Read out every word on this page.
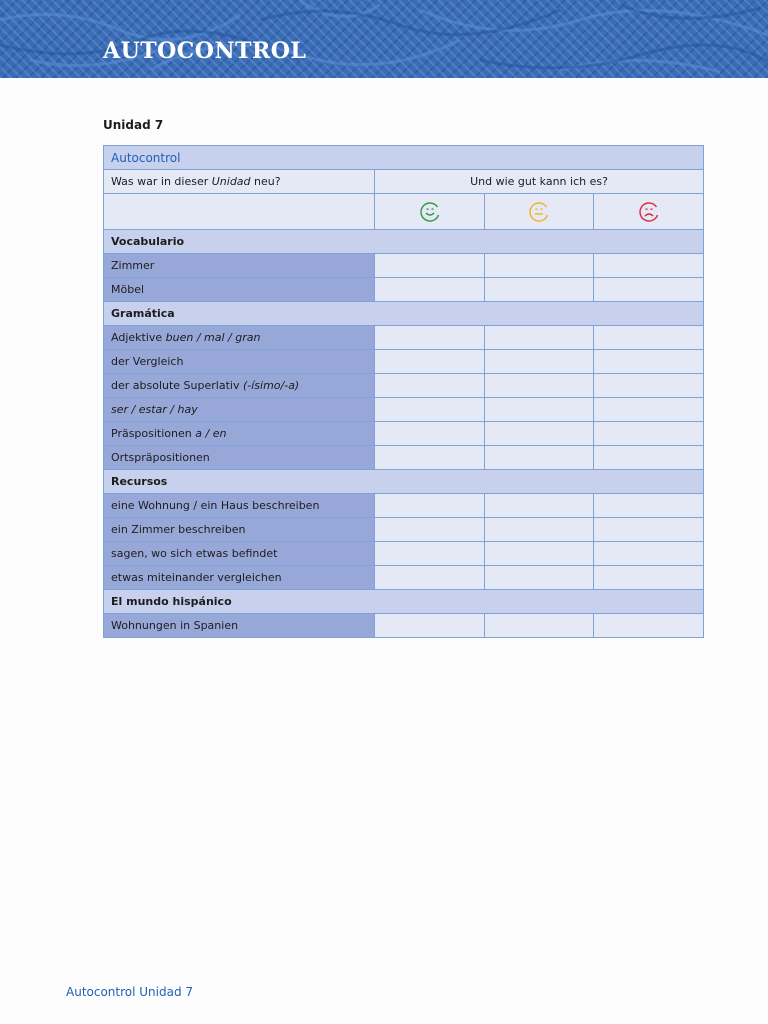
AUTOCONTROL
Unidad 7
Autocontrol			
Was war in dieser Unidad neu?	Und wie gut kann ich es?		

Vocabulario			
Zimmer			
Möbel			
Gramática			
Adjektive buen / mal / gran			
der Vergleich			
der absolute Superlativ (-ísimo/-a)			
ser / estar / hay			
Präspositionen a / en			
Ortspräpositionen			
Recursos			
eine Wohnung / ein Haus beschreiben			
ein Zimmer beschreiben			
sagen, wo sich etwas befindet			
etwas miteinander vergleichen			
El mundo hispánico			
Wohnungen in Spanien			
Autocontrol Unidad 7
